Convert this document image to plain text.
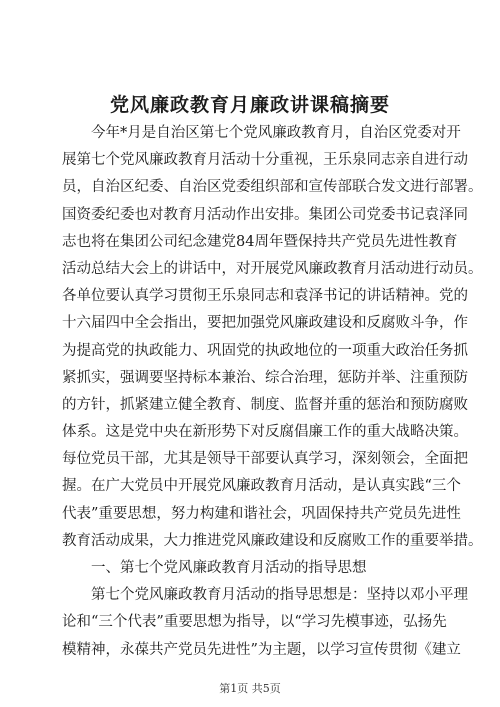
党风廉政教育月廉政讲课稿摘要
今年*月是自治区第七个党风廉政教育月，自治区党委对开
展第七个党风廉政教育月活动十分重视，王乐泉同志亲自进行动
员，自治区纪委、自治区党委组织部和宣传部联合发文进行部署。
国资委纪委也对教育月活动作出安排。集团公司党委书记袁泽同
志也将在集团公司纪念建党84周年暨保持共产党员先进性教育
活动总结大会上的讲话中，对开展党风廉政教育月活动进行动员。
各单位要认真学习贯彻王乐泉同志和袁泽书记的讲话精神。党的
十六届四中全会指出，要把加强党风廉政建设和反腐败斗争，作
为提高党的执政能力、巩固党的执政地位的一项重大政治任务抓
紧抓实，强调要坚持标本兼治、综合治理，惩防并举、注重预防
的方针，抓紧建立健全教育、制度、监督并重的惩治和预防腐败
体系。这是党中央在新形势下对反腐倡廉工作的重大战略决策。
每位党员干部，尤其是领导干部要认真学习，深刻领会，全面把
握。在广大党员中开展党风廉政教育月活动，是认真实践“三个
代表”重要思想，努力构建和谐社会，巩固保持共产党员先进性
教育活动成果，大力推进党风廉政建设和反腐败工作的重要举措。
一、第七个党风廉政教育月活动的指导思想
第七个党风廉政教育月活动的指导思想是：坚持以邓小平理
论和“三个代表”重要思想为指导，以“学习先模事迹，弘扬先
模精神，永葆共产党员先进性”为主题，以学习宣传贯彻《建立
第1页 共5页
